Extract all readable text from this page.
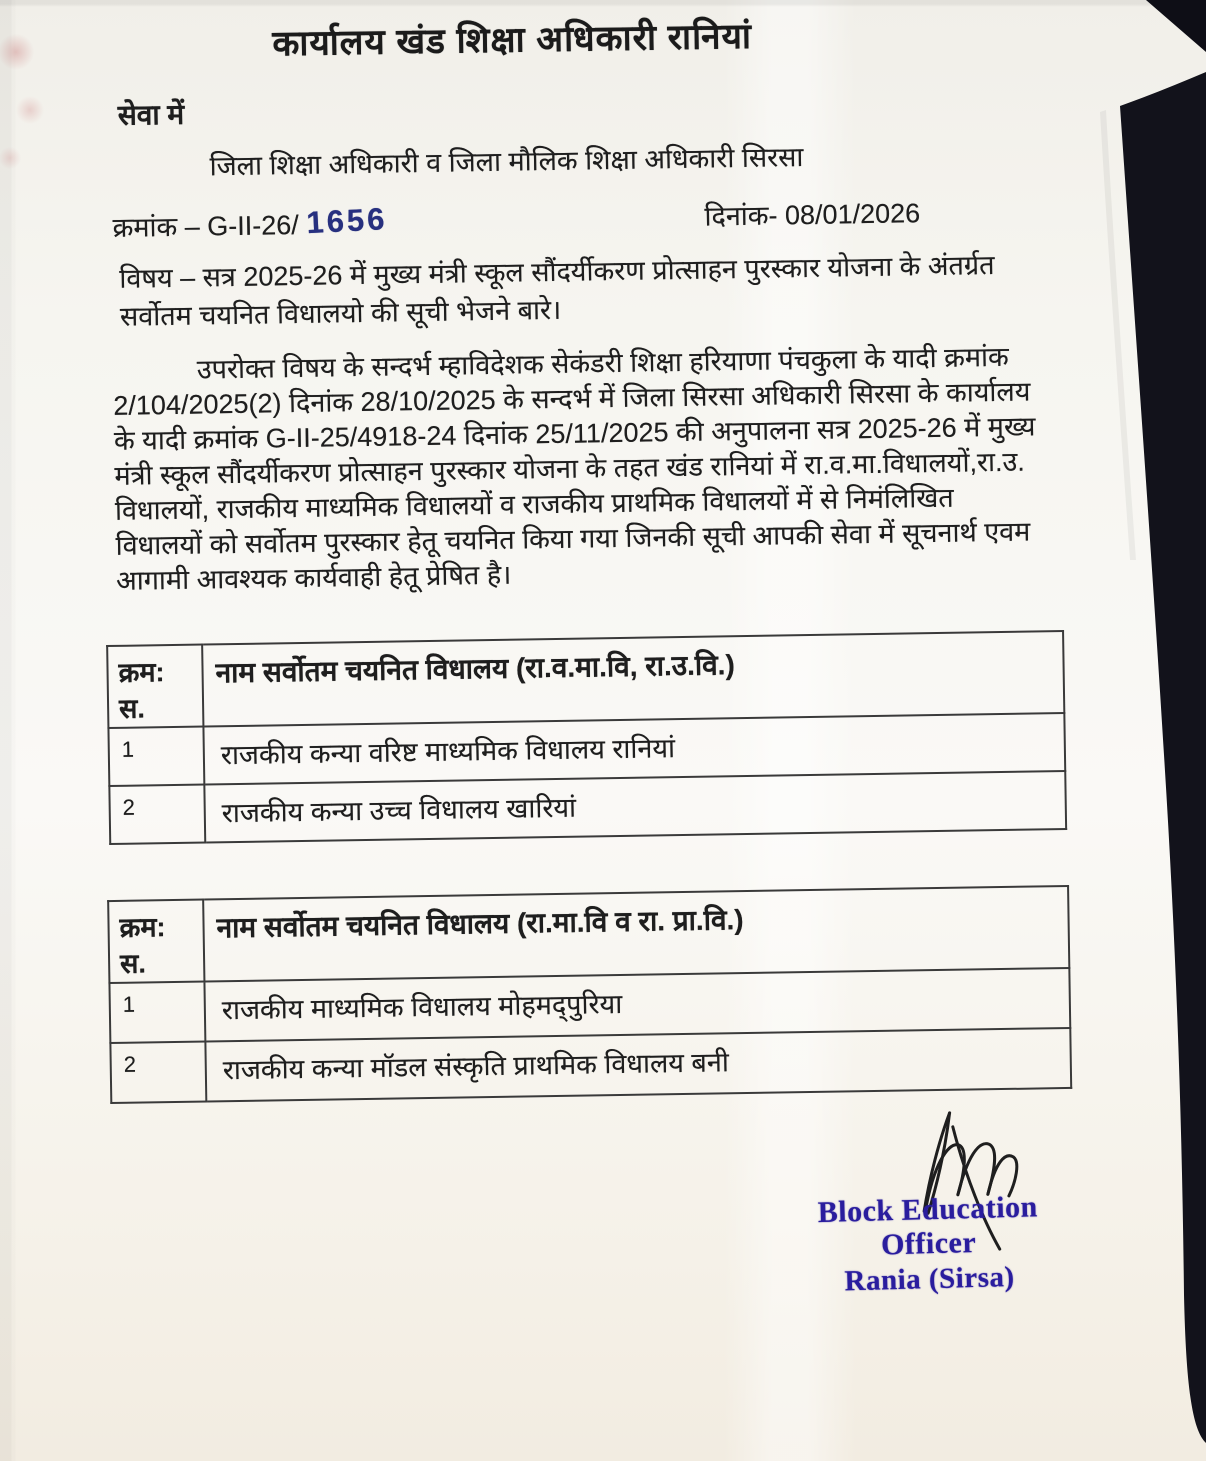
कार्यालय खंड शिक्षा अधिकारी रानियां
सेवा में
जिला शिक्षा अधिकारी व जिला मौलिक शिक्षा अधिकारी सिरसा
क्रमांक – G-II-26/ 1656	दिनांक- 08/01/2026
विषय – सत्र 2025-26 में मुख्य मंत्री स्कूल सौंदर्यीकरण प्रोत्साहन पुरस्कार योजना के अंतर्ग्रत
सर्वोतम चयनित विधालयो की सूची भेजने बारे।
उपरोक्त विषय के सन्दर्भ म्हाविदेशक सेकंडरी शिक्षा हरियाणा पंचकुला के यादी क्रमांक
2/104/2025(2) दिनांक 28/10/2025 के सन्दर्भ में जिला सिरसा अधिकारी सिरसा के कार्यालय
के यादी क्रमांक G-II-25/4918-24 दिनांक 25/11/2025 की अनुपालना सत्र 2025-26 में मुख्य
मंत्री स्कूल सौंदर्यीकरण प्रोत्साहन पुरस्कार योजना के तहत खंड रानियां में रा.व.मा.विधालयों,रा.उ.
विधालयों, राजकीय माध्यमिक विधालयों व राजकीय प्राथमिक विधालयों में से निमंलिखित
विधालयों को सर्वोतम पुरस्कार हेतू चयनित किया गया जिनकी सूची आपकी सेवा में सूचनार्थ एवम
आगामी आवश्यक कार्यवाही हेतू प्रेषित है।
क्रम: स.	नाम सर्वोतम चयनित विधालय (रा.व.मा.वि, रा.उ.वि.)
1	राजकीय कन्या वरिष्ट माध्यमिक विधालय रानियां
2	राजकीय कन्या उच्च विधालय खारियां
क्रम: स.	नाम सर्वोतम चयनित विधालय (रा.मा.वि व रा. प्रा.वि.)
1	राजकीय माध्यमिक विधालय मोहमद्पुरिया
2	राजकीय कन्या मॉडल संस्कृति प्राथमिक विधालय बनी
Block Education Officer
Rania (Sirsa)
